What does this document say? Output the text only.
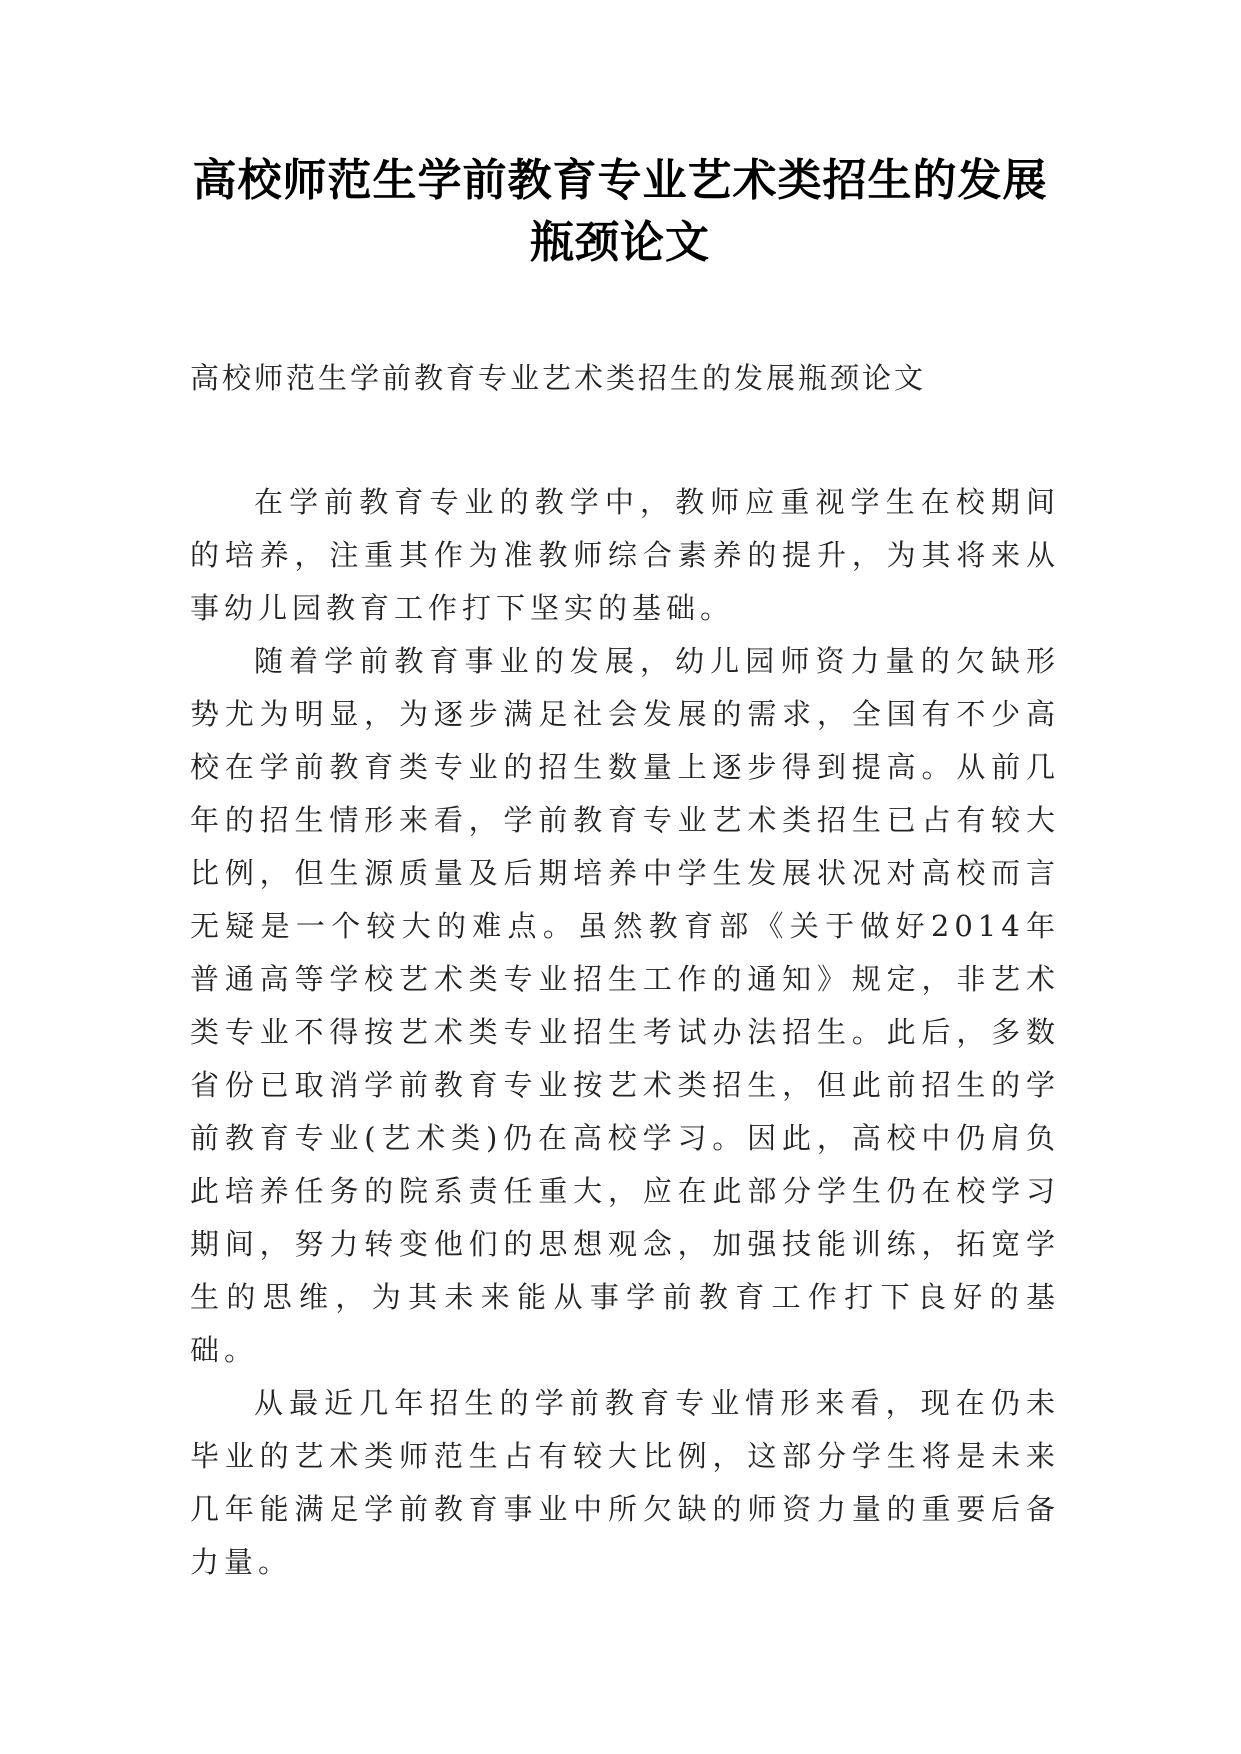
高校师范生学前教育专业艺术类招生的发展瓶颈论文
高校师范生学前教育专业艺术类招生的发展瓶颈论文

在学前教育专业的教学中，教师应重视学生在校期间的培养，注重其作为准教师综合素养的提升，为其将来从事幼儿园教育工作打下坚实的基础。

随着学前教育事业的发展，幼儿园师资力量的欠缺形势尤为明显，为逐步满足社会发展的需求，全国有不少高校在学前教育类专业的招生数量上逐步得到提高。从前几年的招生情形来看，学前教育专业艺术类招生已占有较大比例，但生源质量及后期培养中学生发展状况对高校而言无疑是一个较大的难点。虽然教育部《关于做好2014年普通高等学校艺术类专业招生工作的通知》规定，非艺术类专业不得按艺术类专业招生考试办法招生。此后，多数省份已取消学前教育专业按艺术类招生，但此前招生的学前教育专业(艺术类)仍在高校学习。因此，高校中仍肩负此培养任务的院系责任重大，应在此部分学生仍在校学习期间，努力转变他们的思想观念，加强技能训练，拓宽学生的思维，为其未来能从事学前教育工作打下良好的基础。

从最近几年招生的学前教育专业情形来看，现在仍未毕业的艺术类师范生占有较大比例，这部分学生将是未来几年能满足学前教育事业中所欠缺的师资力量的重要后备力量。
